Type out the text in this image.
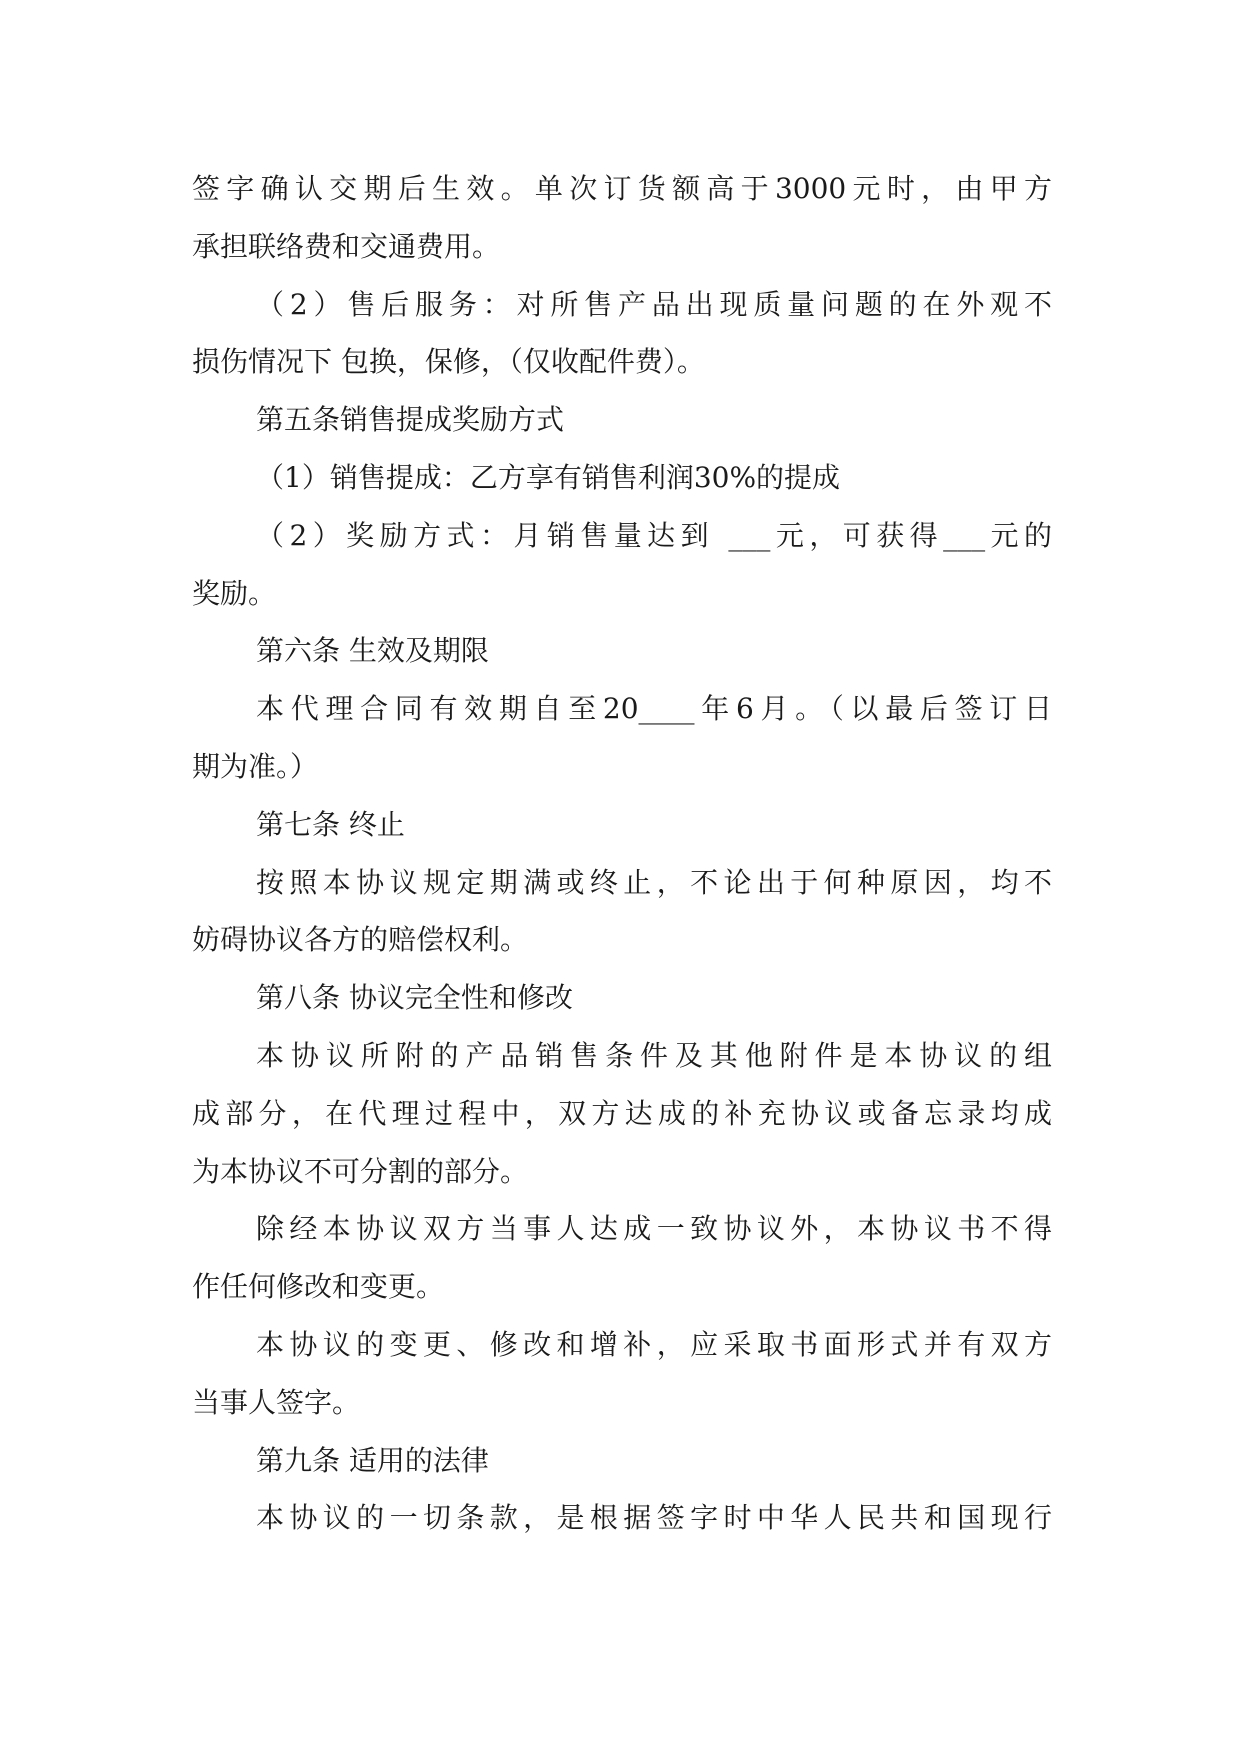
签字确认交期后生效。单次订货额高于3000元时，由甲方
承担联络费和交通费用。
（2）售后服务：对所售产品出现质量问题的在外观不
损伤情况下 包换，保修，（仅收配件费）。
第五条销售提成奖励方式
（1）销售提成：乙方享有销售利润30%的提成
（2）奖励方式：月销售量达到 ___元，可获得___元的
奖励。
第六条 生效及期限
本代理合同有效期自至20____年6月。（以最后签订日
期为准。）
第七条 终止
按照本协议规定期满或终止，不论出于何种原因，均不
妨碍协议各方的赔偿权利。
第八条 协议完全性和修改
本协议所附的产品销售条件及其他附件是本协议的组
成部分，在代理过程中，双方达成的补充协议或备忘录均成
为本协议不可分割的部分。
除经本协议双方当事人达成一致协议外，本协议书不得
作任何修改和变更。
本协议的变更、修改和增补，应采取书面形式并有双方
当事人签字。
第九条 适用的法律
本协议的一切条款，是根据签字时中华人民共和国现行
